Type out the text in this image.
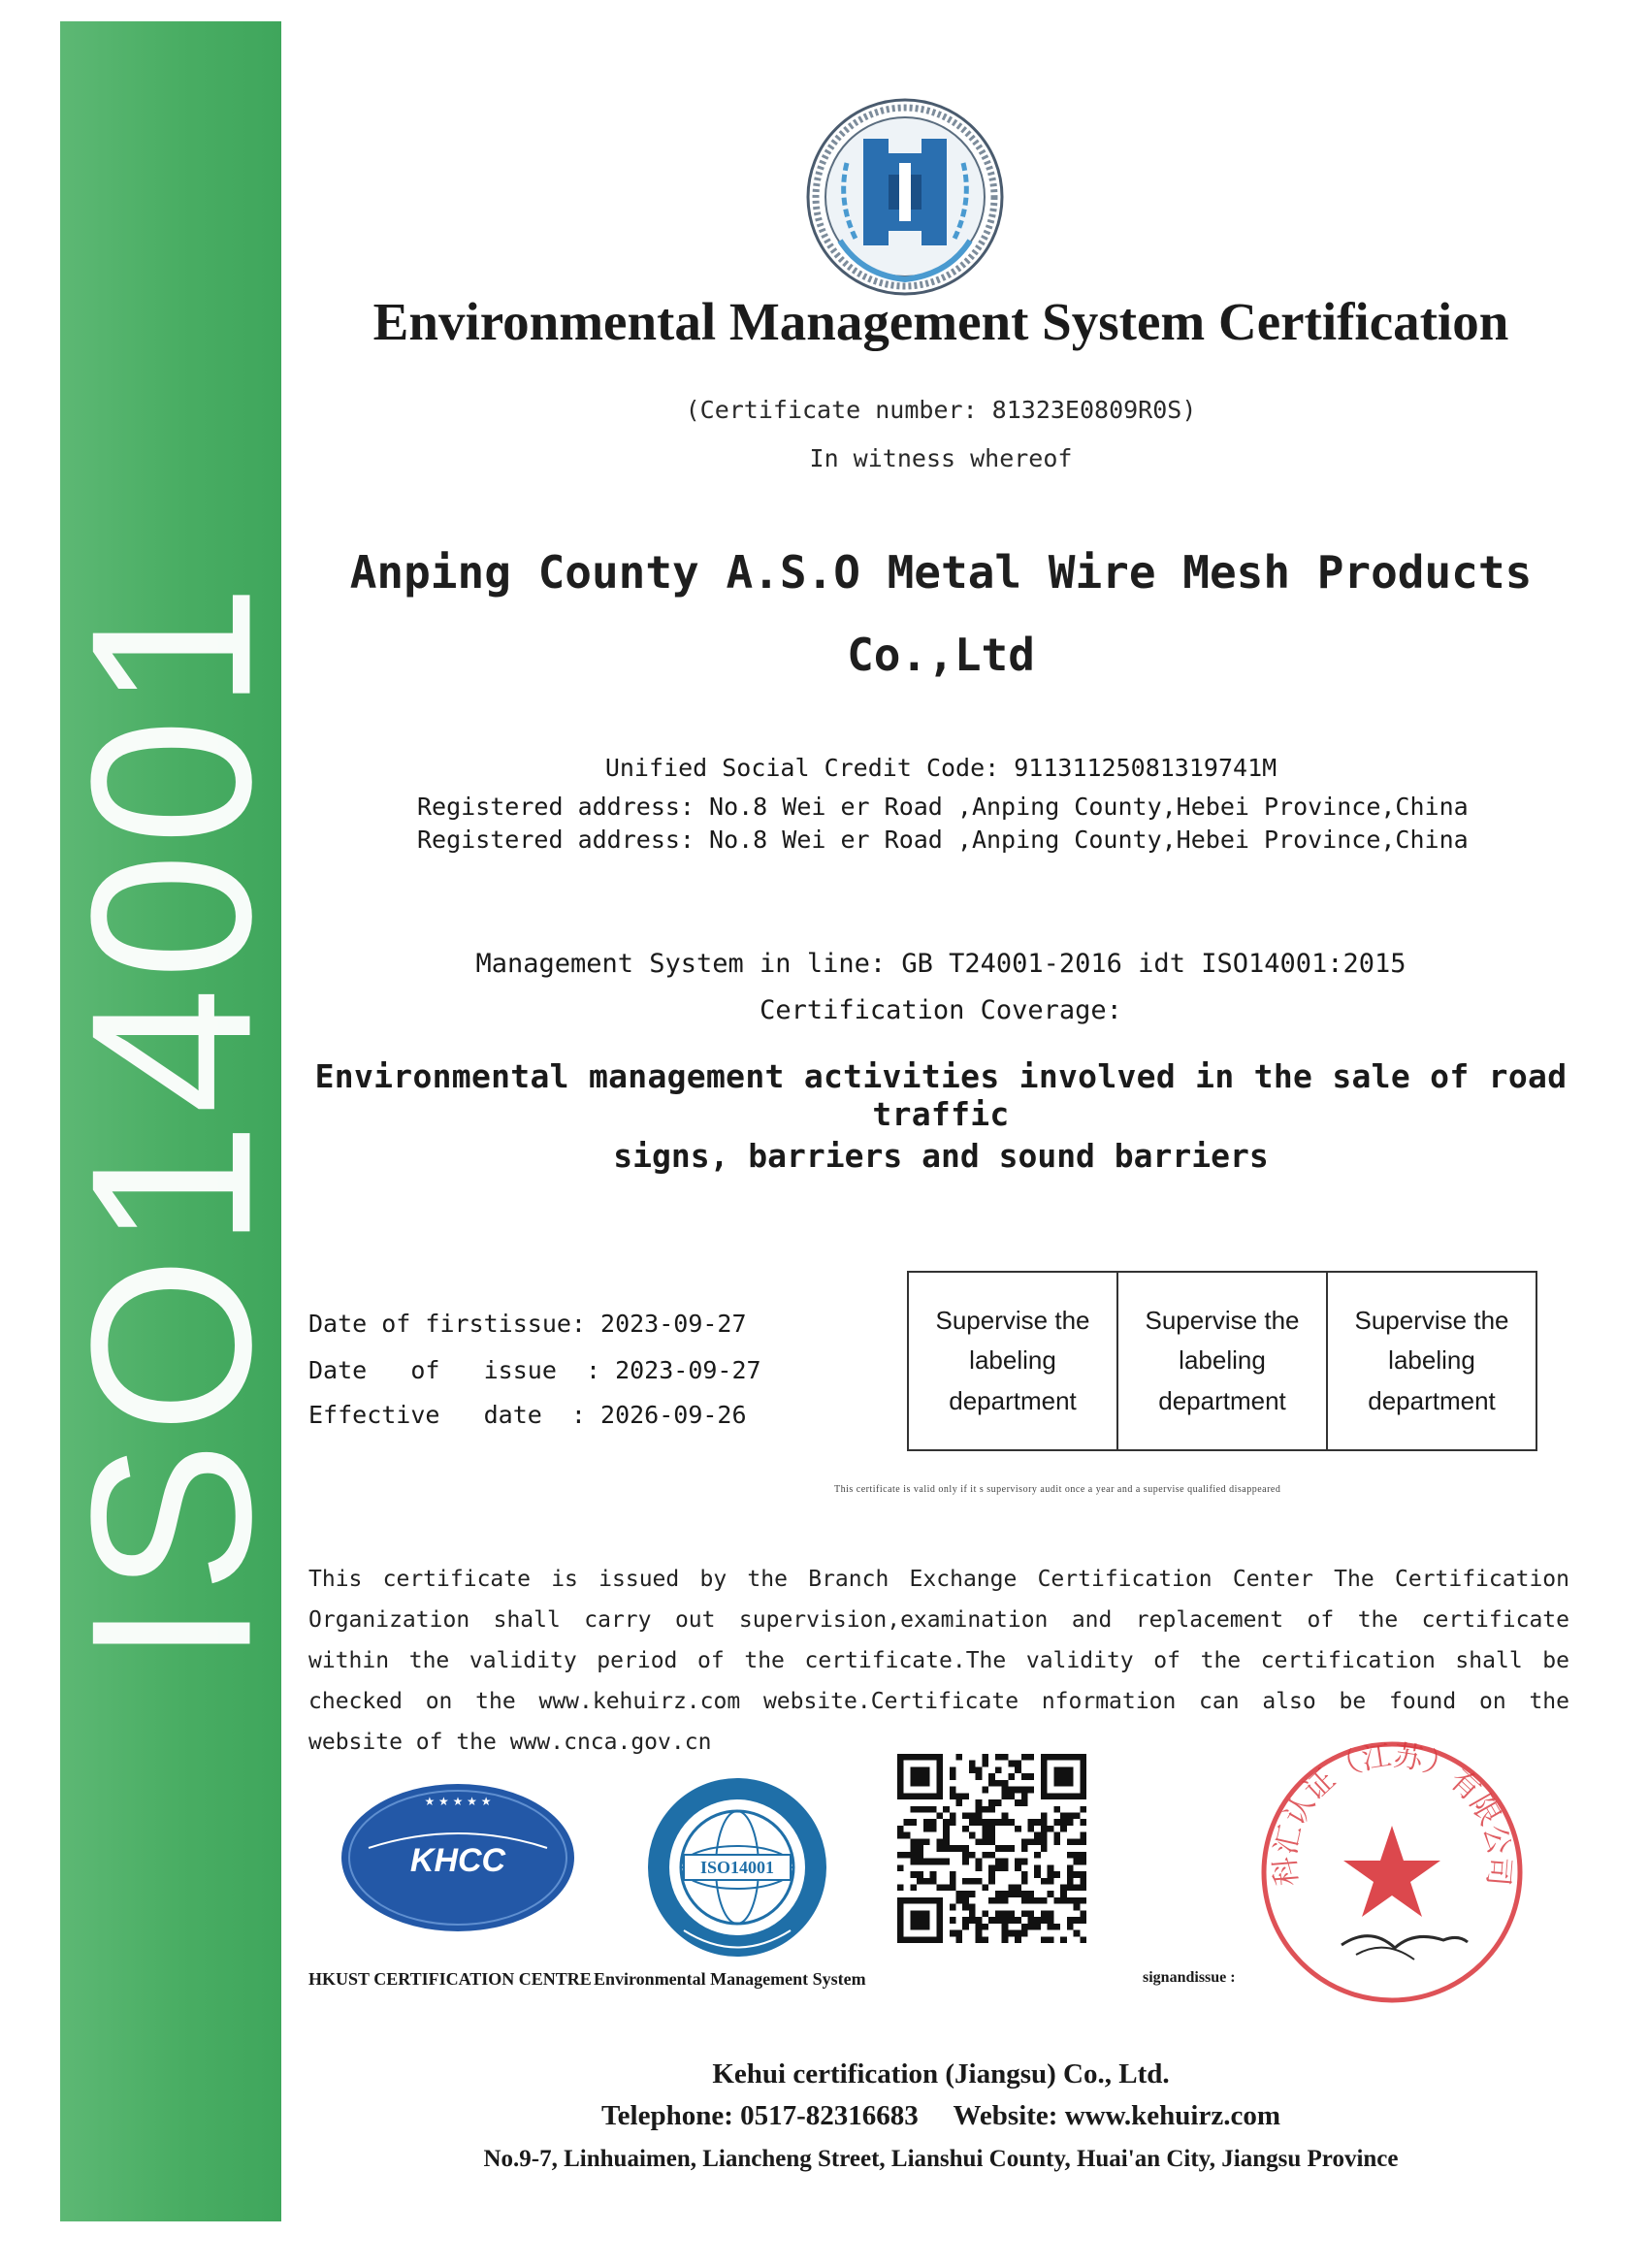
ISO14001
Environmental Management System Certification
(Certificate number: 81323E0809R0S)
In witness whereof
Anping County A.S.O Metal Wire Mesh Products
Co.,Ltd
Unified Social Credit Code: 91131125081319741M
Registered address: No.8 Wei er Road ,Anping County,Hebei Province,China
Registered address: No.8 Wei er Road ,Anping County,Hebei Province,China
Management System in line: GB T24001-2016 idt ISO14001:2015
Certification Coverage:
Environmental management activities involved in the sale of road traffic
signs, barriers and sound barriers
Date of firstissue: 2023-09-27
Date   of   issue  : 2023-09-27
Effective   date  : 2026-09-26
Supervise the labeling department
Supervise the labeling department
Supervise the labeling department
This certificate is valid only if it s supervisory audit once a year and a supervise qualified disappeared
This certificate is issued by the Branch Exchange Certification Center The Certification Organization shall carry out supervision,examination and replacement of the certificate within the validity period of the certificate.The validity of the certification shall be checked on the www.kehuirz.com website.Certificate nformation can also be found on the website of the www.cnca.gov.cn
★ ★ ★ ★ ★
KHCC	ISO14001	科汇认证（江苏）有限公司
HKUST CERTIFICATION CENTRE Environmental Management System	signandissue :
Kehui certification (Jiangsu) Co., Ltd.
Telephone: 0517-82316683     Website: www.kehuirz.com
No.9-7, Linhuaimen, Liancheng Street, Lianshui County, Huai'an City, Jiangsu Province
